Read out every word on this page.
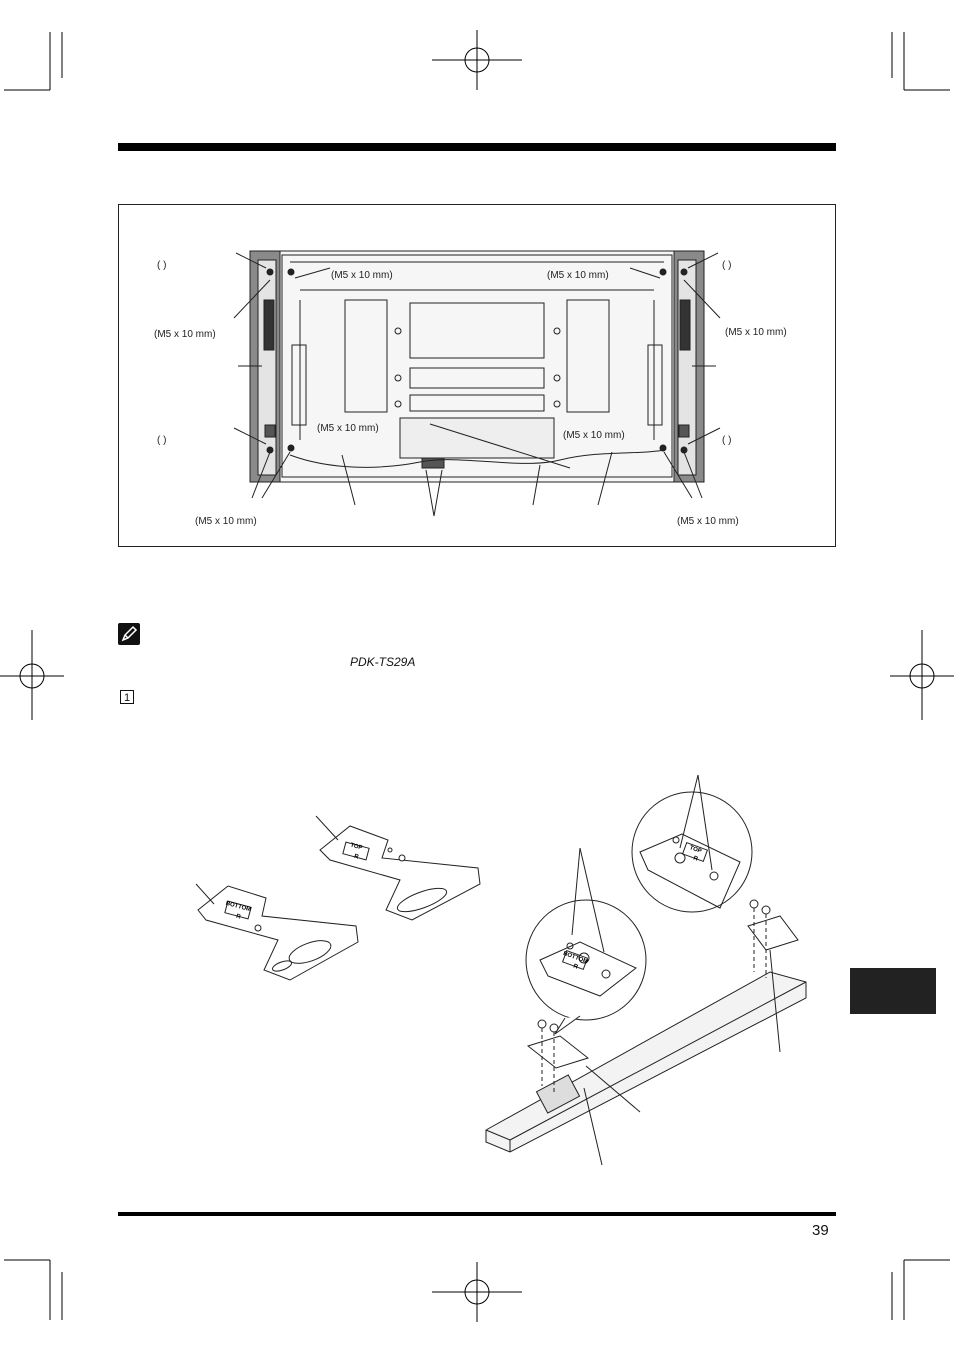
TOP
R
BOTTOM
R
TOP
R
BOTTOM
R
( )	( )
( )	( )
(M5 x 10 mm)	(M5 x 10 mm)
(M5 x 10 mm)	(M5 x 10 mm)
(M5 x 10 mm)
(M5 x 10 mm)
(M5 x 10 mm)	(M5 x 10 mm)
PDK-TS29A
1
39
